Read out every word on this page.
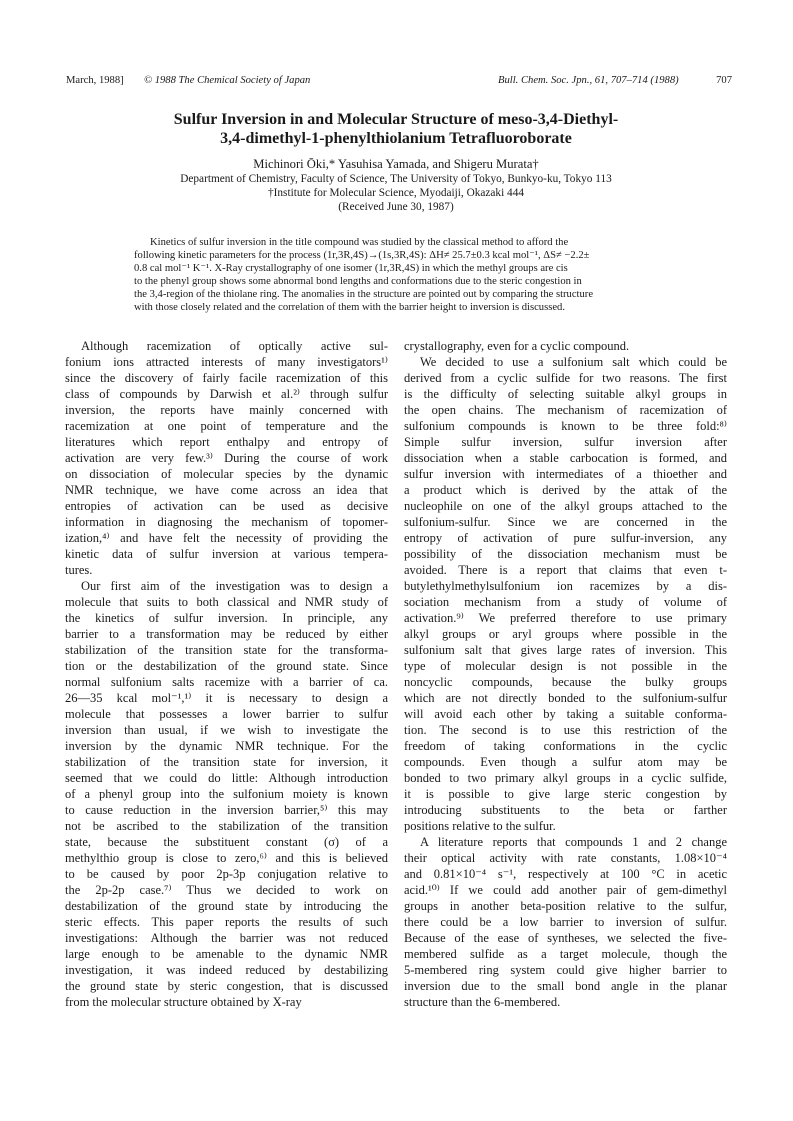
March, 1988] © 1988 The Chemical Society of Japan	Bull. Chem. Soc. Jpn., 61, 707–714 (1988)	707
Sulfur Inversion in and Molecular Structure of meso-3,4-Diethyl-
3,4-dimethyl-1-phenylthiolanium Tetrafluoroborate
Michinori Ōki,* Yasuhisa Yamada, and Shigeru Murata†
Department of Chemistry, Faculty of Science, The University of Tokyo, Bunkyo-ku, Tokyo 113
†Institute for Molecular Science, Myodaiji, Okazaki 444
(Received June 30, 1987)
Kinetics of sulfur inversion in the title compound was studied by the classical method to afford the
following kinetic parameters for the process (1r,3R,4S)→(1s,3R,4S): ΔH≠ 25.7±0.3 kcal mol⁻¹, ΔS≠ −2.2±
0.8 cal mol⁻¹ K⁻¹. X-Ray crystallography of one isomer (1r,3R,4S) in which the methyl groups are cis
to the phenyl group shows some abnormal bond lengths and conformations due to the steric congestion in
the 3,4-region of the thiolane ring. The anomalies in the structure are pointed out by comparing the structure
with those closely related and the correlation of them with the barrier height to inversion is discussed.
Although racemization of optically active sul-
fonium ions attracted interests of many investigators¹⁾
since the discovery of fairly facile racemization of this
class of compounds by Darwish et al.²⁾ through sulfur
inversion, the reports have mainly concerned with
racemization at one point of temperature and the
literatures which report enthalpy and entropy of
activation are very few.³⁾ During the course of work
on dissociation of molecular species by the dynamic
NMR technique, we have come across an idea that
entropies of activation can be used as decisive
information in diagnosing the mechanism of topomer-
ization,⁴⁾ and have felt the necessity of providing the
kinetic data of sulfur inversion at various tempera-
tures.
Our first aim of the investigation was to design a
molecule that suits to both classical and NMR study of
the kinetics of sulfur inversion. In principle, any
barrier to a transformation may be reduced by either
stabilization of the transition state for the transforma-
tion or the destabilization of the ground state. Since
normal sulfonium salts racemize with a barrier of ca.
26—35 kcal mol⁻¹,¹⁾ it is necessary to design a
molecule that possesses a lower barrier to sulfur
inversion than usual, if we wish to investigate the
inversion by the dynamic NMR technique. For the
stabilization of the transition state for inversion, it
seemed that we could do little: Although introduction
of a phenyl group into the sulfonium moiety is known
to cause reduction in the inversion barrier,⁵⁾ this may
not be ascribed to the stabilization of the transition
state, because the substituent constant (σ) of a
methylthio group is close to zero,⁶⁾ and this is believed
to be caused by poor 2p-3p conjugation relative to
the 2p-2p case.⁷⁾ Thus we decided to work on
destabilization of the ground state by introducing the
steric effects. This paper reports the results of such
investigations: Although the barrier was not reduced
large enough to be amenable to the dynamic NMR
investigation, it was indeed reduced by destabilizing
the ground state by steric congestion, that is discussed
from the molecular structure obtained by X-ray
crystallography, even for a cyclic compound.
We decided to use a sulfonium salt which could be
derived from a cyclic sulfide for two reasons. The first
is the difficulty of selecting suitable alkyl groups in
the open chains. The mechanism of racemization of
sulfonium compounds is known to be three fold:⁸⁾
Simple sulfur inversion, sulfur inversion after
dissociation when a stable carbocation is formed, and
sulfur inversion with intermediates of a thioether and
a product which is derived by the attak of the
nucleophile on one of the alkyl groups attached to the
sulfonium-sulfur. Since we are concerned in the
entropy of activation of pure sulfur-inversion, any
possibility of the dissociation mechanism must be
avoided. There is a report that claims that even t-
butylethylmethylsulfonium ion racemizes by a dis-
sociation mechanism from a study of volume of
activation.⁹⁾ We preferred therefore to use primary
alkyl groups or aryl groups where possible in the
sulfonium salt that gives large rates of inversion. This
type of molecular design is not possible in the
noncyclic compounds, because the bulky groups
which are not directly bonded to the sulfonium-sulfur
will avoid each other by taking a suitable conforma-
tion. The second is to use this restriction of the
freedom of taking conformations in the cyclic
compounds. Even though a sulfur atom may be
bonded to two primary alkyl groups in a cyclic sulfide,
it is possible to give large steric congestion by
introducing substituents to the beta or farther
positions relative to the sulfur.
A literature reports that compounds 1 and 2 change
their optical activity with rate constants, 1.08×10⁻⁴
and 0.81×10⁻⁴ s⁻¹, respectively at 100 °C in acetic
acid.¹⁰⁾ If we could add another pair of gem-dimethyl
groups in another beta-position relative to the sulfur,
there could be a low barrier to inversion of sulfur.
Because of the ease of syntheses, we selected the five-
membered sulfide as a target molecule, though the
5-membered ring system could give higher barrier to
inversion due to the small bond angle in the planar
structure than the 6-membered.
